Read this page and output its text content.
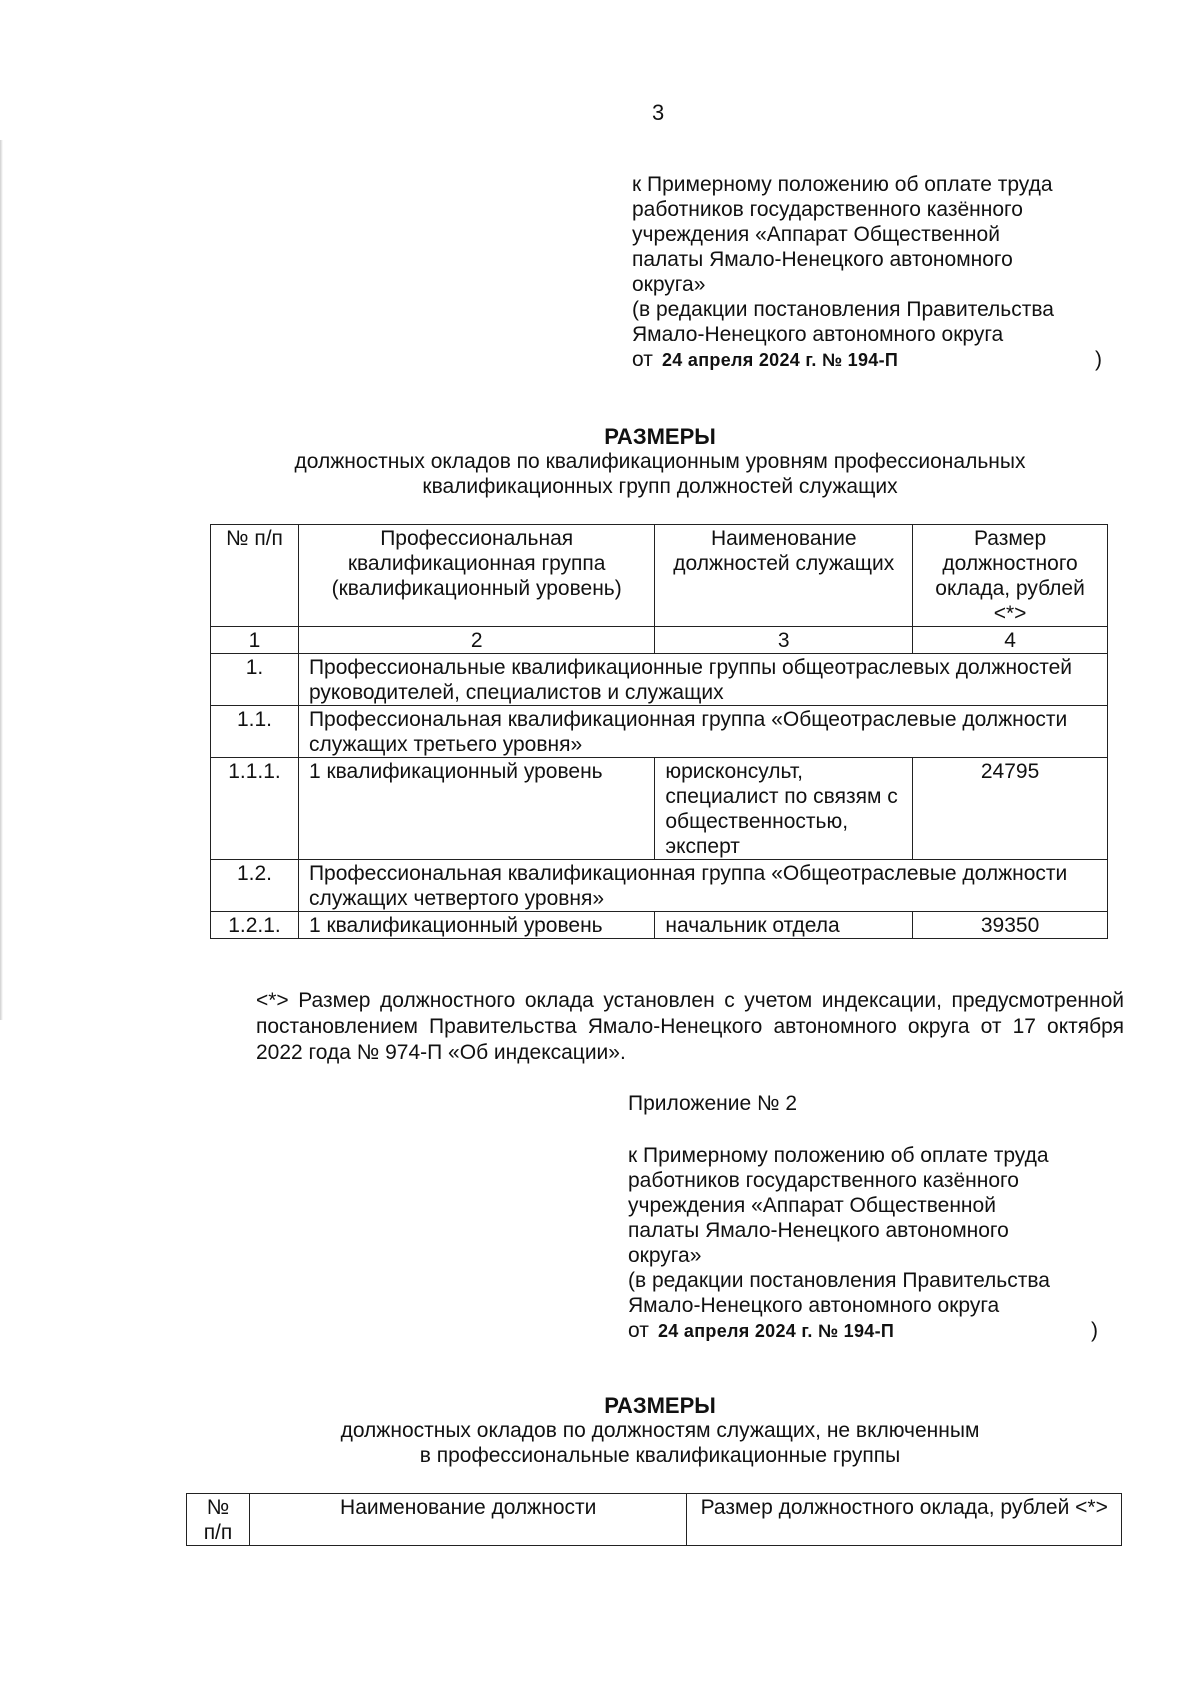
3
к Примерному положению об оплате труда
работников государственного казённого
учреждения «Аппарат Общественной
палаты Ямало-Ненецкого автономного
округа»
(в редакции постановления Правительства
Ямало-Ненецкого автономного округа
от 24 апреля 2024 г. № 194-П	)
РАЗМЕРЫ
должностных окладов по квалификационным уровням профессиональных
квалификационных групп должностей служащих
№ п/п	Профессиональная квалификационная группа (квалификационный уровень)	Наименование должностей служащих	Размер должностного оклада, рублей <*>
1	2	3	4
1.	Профессиональные квалификационные группы общеотраслевых должностей руководителей, специалистов и служащих		
1.1.	Профессиональная квалификационная группа «Общеотраслевые должности служащих третьего уровня»		
1.1.1.	1 квалификационный уровень	юрисконсульт, специалист по связям с общественностью, эксперт	24795
1.2.	Профессиональная квалификационная группа «Общеотраслевые должности служащих четвертого уровня»		
1.2.1.	1 квалификационный уровень	начальник отдела	39350
<*> Размер должностного оклада установлен с учетом индексации, предусмотренной постановлением Правительства Ямало-Ненецкого автономного округа от 17 октября 2022 года № 974-П «Об индексации».
Приложение № 2
к Примерному положению об оплате труда
работников государственного казённого
учреждения «Аппарат Общественной
палаты Ямало-Ненецкого автономного
округа»
(в редакции постановления Правительства
Ямало-Ненецкого автономного округа
от 24 апреля 2024 г. № 194-П	)
РАЗМЕРЫ
должностных окладов по должностям служащих, не включенным
в профессиональные квалификационные группы
№ п/п	Наименование должности	Размер должностного оклада, рублей <*>
